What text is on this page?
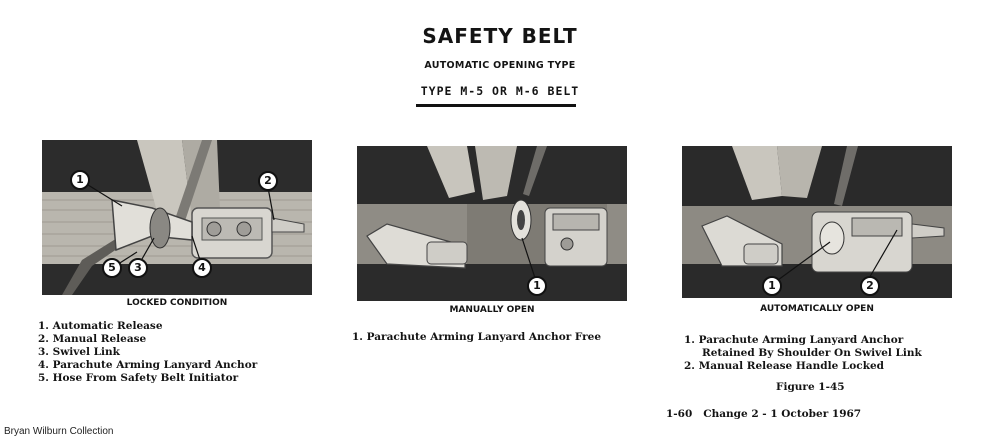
SAFETY BELT
AUTOMATIC OPENING TYPE
TYPE M-5 OR M-6 BELT
1	2
3	4
5
LOCKED CONDITION
1. Automatic Release
2. Manual Release
3. Swivel Link
4. Parachute Arming Lanyard Anchor
5. Hose From Safety Belt Initiator
1
MANUALLY OPEN
1. Parachute Arming Lanyard Anchor Free
1	2
AUTOMATICALLY OPEN
1. Parachute Arming Lanyard Anchor
Retained By Shoulder On Swivel Link
2. Manual Release Handle Locked
Figure 1-45
1-60   Change 2 - 1 October 1967
Bryan Wilburn Collection
